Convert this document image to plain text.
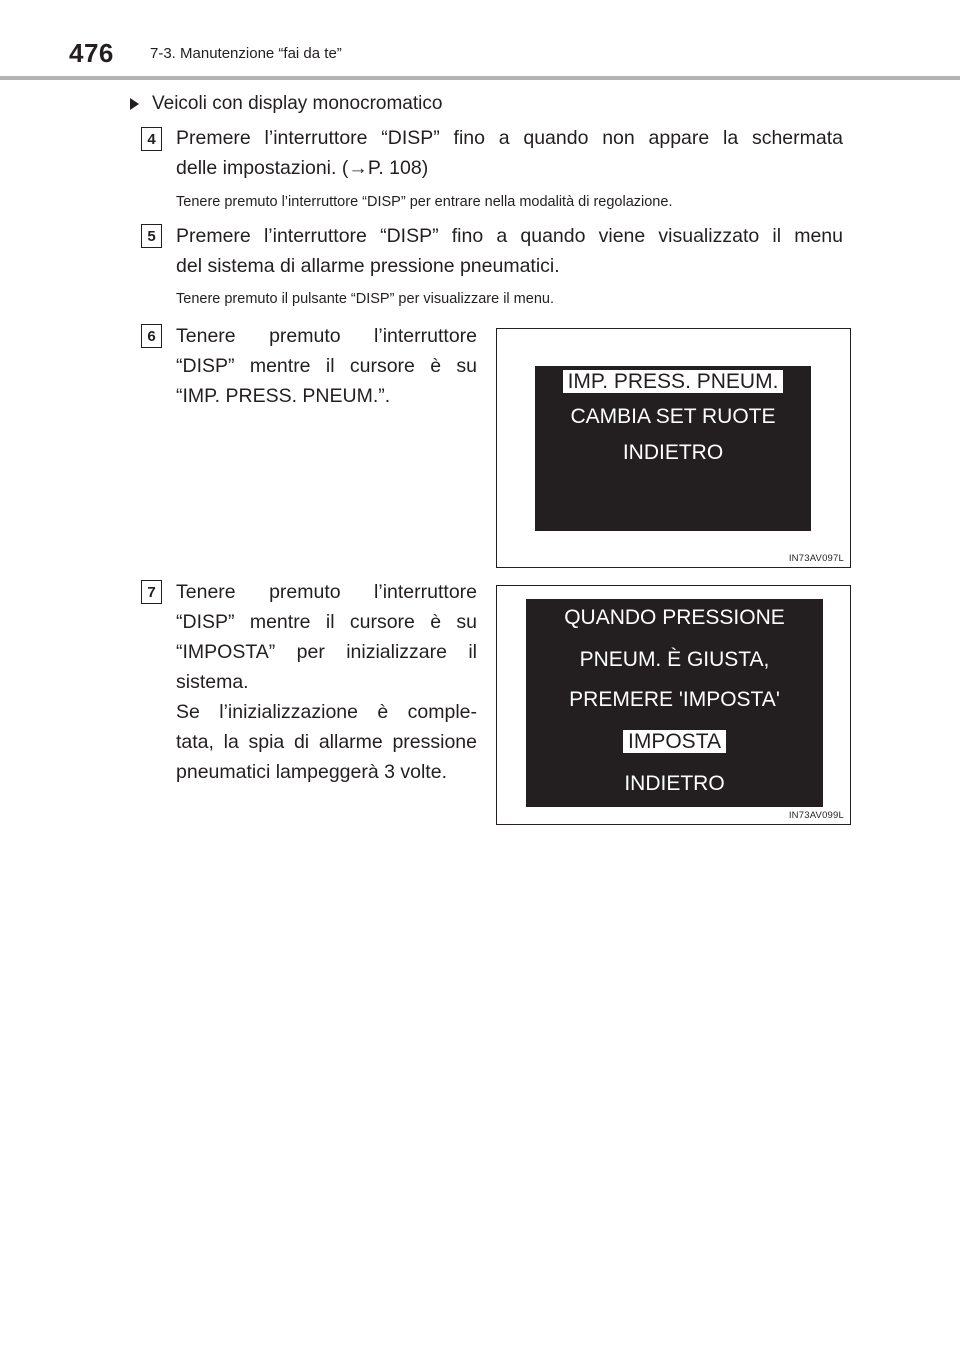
476 7-3. Manutenzione “fai da te”
Veicoli con display monocromatico
4	Premere l’interruttore “DISP” fino a quando non appare la schermata
delle impostazioni. (→P. 108)
Tenere premuto l’interruttore “DISP” per entrare nella modalità di regolazione.
5	Premere l’interruttore “DISP” fino a quando viene visualizzato il menu
del sistema di allarme pressione pneumatici.
Tenere premuto il pulsante “DISP” per visualizzare il menu.
6	Tenere premuto l’interruttore
“DISP” mentre il cursore è su
“IMP. PRESS. PNEUM.”.
IMP. PRESS. PNEUM.
CAMBIA SET RUOTE
INDIETRO
IN73AV097L
7	Tenere premuto l’interruttore
“DISP” mentre il cursore è su
“IMPOSTA” per inizializzare il
sistema.
Se l’inizializzazione è comple-
tata, la spia di allarme pressione
pneumatici lampeggerà 3 volte.
QUANDO PRESSIONE
PNEUM. È GIUSTA,
PREMERE 'IMPOSTA'
IMPOSTA
INDIETRO
IN73AV099L
